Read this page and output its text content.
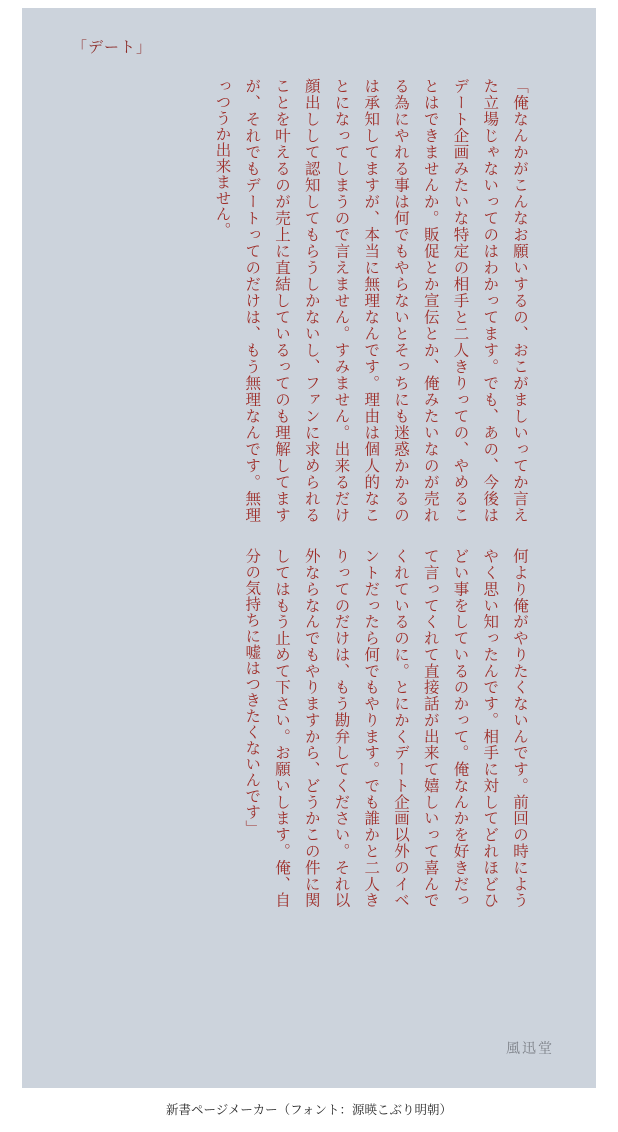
「デート」
「俺なんかがこんなお願いするの、おこがましいってか言えた立場じゃないってのはわかってます。でも、あの、今後はデート企画みたいな特定の相手と二人きりっての、やめることはできませんか。販促とか宣伝とか、俺みたいなのが売れる為にやれる事は何でもやらないとそっちにも迷惑かかるのは承知してますが、本当に無理なんです。理由は個人的なことになってしまうので言えません。すみません。出来るだけ顔出しして認知してもらうしかないし、ファンに求められることを叶えるのが売上に直結しているってのも理解してますが、それでもデートってのだけは、もう無理なんです。無理っつうか出来ません。
何より俺がやりたくないんです。前回の時にようやく思い知ったんです。相手に対してどれほどひどい事をしているのかって。俺なんかを好きだって言ってくれて直接話が出来て嬉しいって喜んでくれているのに。とにかくデート企画以外のイベントだったら何でもやります。でも誰かと二人きりってのだけは、もう勘弁してください。それ以外ならなんでもやりますから、どうかこの件に関してはもう止めて下さい。お願いします。俺、自分の気持ちに嘘はつきたくないんです」
風迅堂
新書ページメーカー（フォント：源暎こぶり明朝）
